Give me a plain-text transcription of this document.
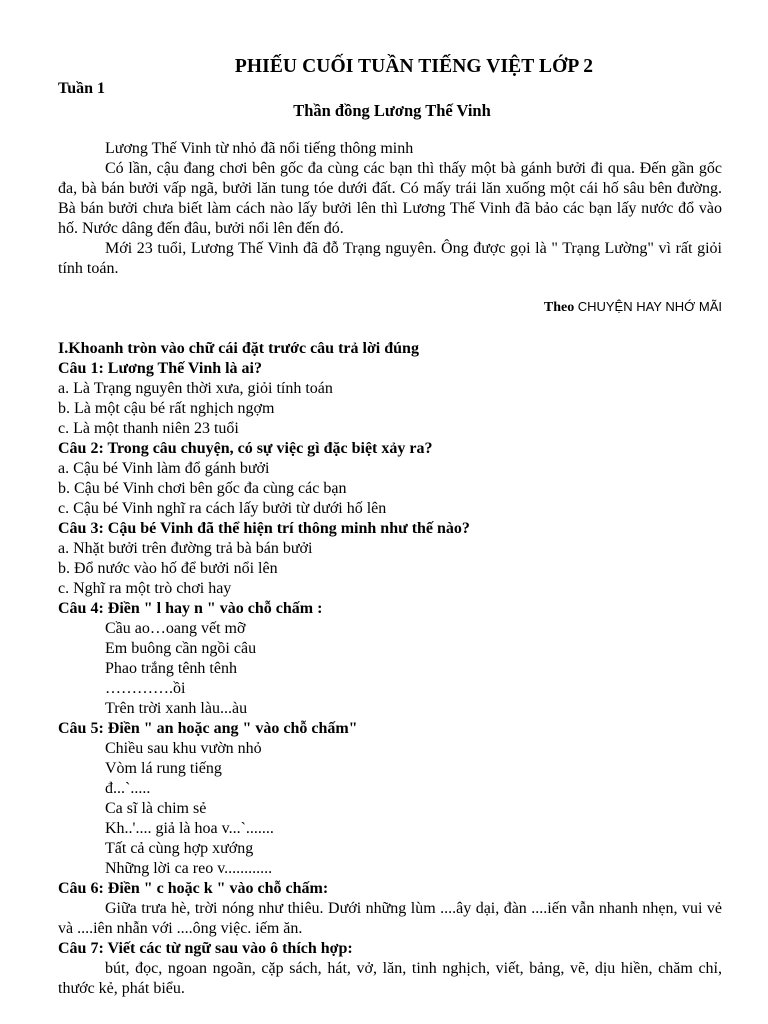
PHIẾU CUỐI TUẦN TIẾNG VIỆT LỚP 2
Tuần 1
Thần đồng Lương Thế Vinh

Lương Thế Vinh từ nhỏ đã nổi tiếng thông minh

Có lần, cậu đang chơi bên gốc đa cùng các bạn thì thấy một bà gánh bưởi đi qua. Đến gần gốc đa, bà bán bưởi vấp ngã, bưởi lăn tung tóe dưới đất. Có mấy trái lăn xuống một cái hố sâu bên đường. Bà bán bưởi chưa biết làm cách nào lấy bưởi lên thì Lương Thế Vinh đã bảo các bạn lấy nước đổ vào hố. Nước dâng đến đâu, bưởi nổi lên đến đó.

Mới 23 tuổi, Lương Thế Vinh đã đỗ Trạng nguyên. Ông được gọi là " Trạng Lường" vì rất giỏi tính toán.

Theo CHUYỆN HAY NHỚ MÃI
I.Khoanh tròn vào chữ cái đặt trước câu trả lời đúng
Câu 1: Lương Thế Vinh là ai?
a. Là Trạng nguyên thời xưa, giỏi tính toán
b. Là một cậu bé rất nghịch ngợm
c. Là một thanh niên 23 tuổi
Câu 2: Trong câu chuyện, có sự việc gì đặc biệt xảy ra?
a. Cậu bé Vinh làm đổ gánh bưởi
b. Cậu bé Vinh chơi bên gốc đa cùng các bạn
c. Cậu bé Vinh nghĩ ra cách lấy bưởi từ dưới hố lên
Câu 3: Cậu bé Vinh đã thể hiện trí thông minh như thế nào?
a. Nhặt bưởi trên đường trả bà bán bưởi
b. Đổ nước vào hố để bưởi nổi lên
c. Nghĩ ra một trò chơi hay
Câu 4: Điền " l hay n " vào chỗ chấm :
Cầu ao…oang vết mỡ
Em buông cần ngồi câu
Phao trắng tênh tênh
………….ồi
Trên trời xanh làu...àu
Câu 5: Điền " an hoặc ang " vào chỗ chấm"
Chiều sau khu vườn nhỏ
Vòm lá rung tiếng
đ...`.....
Ca sĩ là chim sẻ
Kh..'.... giả là hoa v...`.......
Tất cả cùng hợp xướng
Những lời ca reo v............
Câu 6: Điền " c hoặc k " vào chỗ chấm:
Giữa trưa hè, trời nóng như thiêu. Dưới những lùm ....ây dại, đàn ....iến vẫn nhanh nhẹn, vui vẻ và ....iên nhẫn với ....ông việc. iếm ăn.
Câu 7: Viết các từ ngữ sau vào ô thích hợp:
bút, đọc, ngoan ngoãn, cặp sách, hát, vở, lăn, tinh nghịch, viết, bảng, vẽ, dịu hiền, chăm chỉ, thước kẻ, phát biểu.
